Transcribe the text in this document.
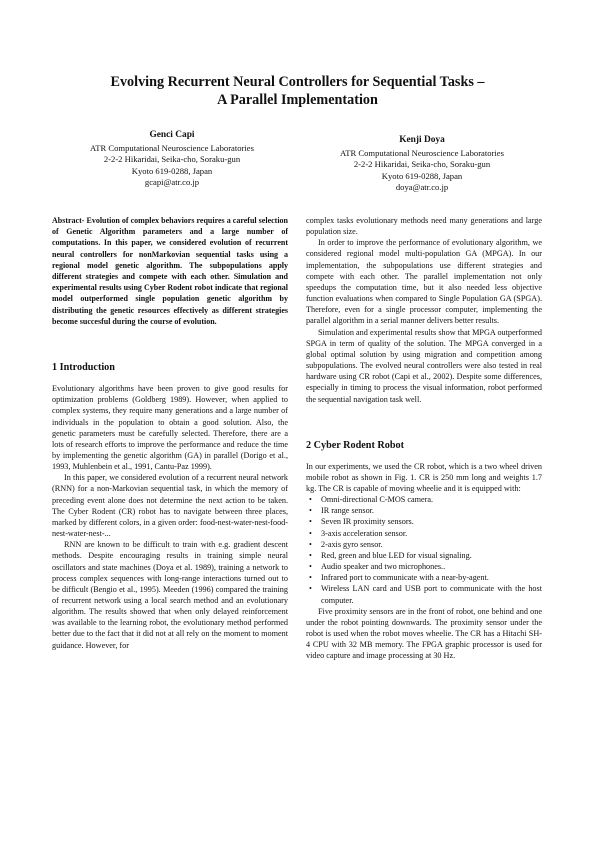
Evolving Recurrent Neural Controllers for Sequential Tasks –
A Parallel Implementation
Genci Capi
ATR Computational Neuroscience Laboratories
2-2-2 Hikaridai, Seika-cho, Soraku-gun
Kyoto 619-0288, Japan
gcapi@atr.co.jp
Kenji Doya
ATR Computational Neuroscience Laboratories
2-2-2 Hikaridai, Seika-cho, Soraku-gun
Kyoto 619-0288, Japan
doya@atr.co.jp

Abstract- Evolution of complex behaviors requires a careful selection of Genetic Algorithm parameters and a large number of computations. In this paper, we considered evolution of recurrent neural controllers for nonMarkovian sequential tasks using a regional model genetic algorithm. The subpopulations apply different strategies and compete with each other. Simulation and experimental results using Cyber Rodent robot indicate that regional model outperformed single population genetic algorithm by distributing the genetic resources effectively as different strategies become succesful during the course of evolution.

1 Introduction

Evolutionary algorithms have been proven to give good results for optimization problems (Goldberg 1989). However, when applied to complex systems, they require many generations and a large number of individuals in the population to obtain a good solution. Also, the genetic parameters must be carefully selected. Therefore, there are a lots of research efforts to improve the performance and reduce the time by implementing the genetic algorithm (GA) in parallel (Dorigo et al., 1993, Muhlenbein et al., 1991, Cantu-Paz 1999).

In this paper, we considered evolution of a recurrent neural network (RNN) for a non-Markovian sequential task, in which the memory of preceding event alone does not determine the next action to be taken. The Cyber Rodent (CR) robot has to navigate between three places, marked by different colors, in a given order: food-nest-water-nest-food-nest-water-nest-...

RNN are known to be difficult to train with e.g. gradient descent methods. Despite encouraging results in training simple neural oscillators and state machines (Doya et al. 1989), training a network to process complex sequences with long-range interactions turned out to be difficult (Bengio et al., 1995). Meeden (1996) compared the training of recurrent network using a local search method and an evolutionary algorithm. The results showed that when only delayed reinforcement was available to the learning robot, the evolutionary method performed better due to the fact that it did not at all rely on the moment to moment guidance. However, for

complex tasks evolutionary methods need many generations and large population size.

In order to improve the performance of evolutionary algorithm, we considered regional model multi-population GA (MPGA). In our implementation, the subpopulations use different strategies and compete with each other. The parallel implementation not only speedups the computation time, but it also needed less objective function evaluations when compared to Single Population GA (SPGA). Therefore, even for a single processor computer, implementing the parallel algorithm in a serial manner delivers better results.

Simulation and experimental results show that MPGA outperformed SPGA in term of quality of the solution. The MPGA converged in a global optimal solution by using migration and competition among subpopulations. The evolved neural controllers were also tested in real hardware using CR robot (Capi et al., 2002). Despite some differences, especially in timing to process the visual information, robot performed the sequential navigation task well.

2 Cyber Rodent Robot

In our experiments, we used the CR robot, which is a two wheel driven mobile robot as shown in Fig. 1. CR is 250 mm long and weights 1.7 kg. The CR is capable of moving wheelie and it is equipped with:

• Omni-directional C-MOS camera.
• IR range sensor.
• Seven IR proximity sensors.
• 3-axis acceleration sensor.
• 2-axis gyro sensor.
• Red, green and blue LED for visual signaling.
• Audio speaker and two microphones..
• Infrared port to communicate with a near-by-agent.
• Wireless LAN card and USB port to communicate with the host computer.

Five proximity sensors are in the front of robot, one behind and one under the robot pointing downwards. The proximity sensor under the robot is used when the robot moves wheelie. The CR has a Hitachi SH-4 CPU with 32 MB memory. The FPGA graphic processor is used for video capture and image processing at 30 Hz.
